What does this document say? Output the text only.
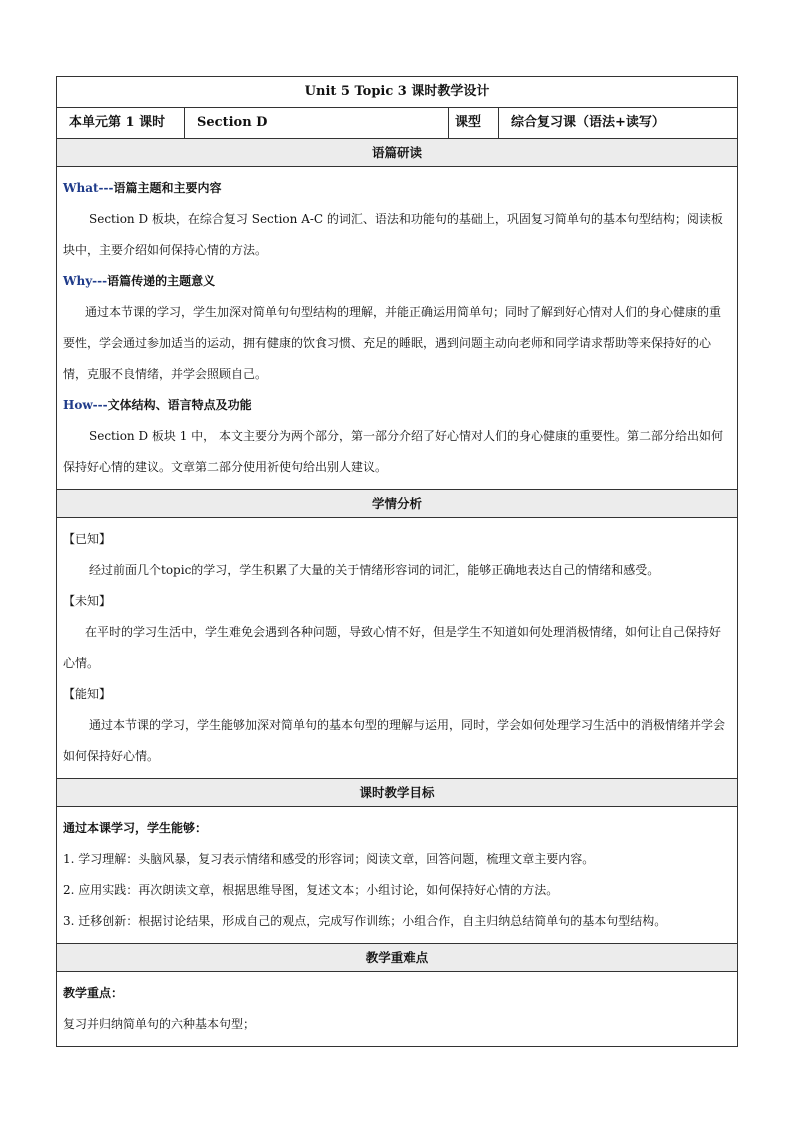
Unit 5 Topic 3 课时教学设计
本单元第 1 课时	Section D	课型	综合复习课（语法+读写）
语篇研读

What---语篇主题和主要内容

Section D 板块，在综合复习 Section A-C 的词汇、语法和功能句的基础上，巩固复习简单句的基本句型结构；阅读板块中，主要介绍如何保持心情的方法。

Why---语篇传递的主题意义

通过本节课的学习，学生加深对简单句句型结构的理解，并能正确运用简单句；同时了解到好心情对人们的身心健康的重要性，学会通过参加适当的运动，拥有健康的饮食习惯、充足的睡眠，遇到问题主动向老师和同学请求帮助等来保持好的心情，克服不良情绪，并学会照顾自己。

How---文体结构、语言特点及功能

Section D 板块 1 中， 本文主要分为两个部分，第一部分介绍了好心情对人们的身心健康的重要性。第二部分给出如何保持好心情的建议。文章第二部分使用祈使句给出别人建议。

学情分析

【已知】

经过前面几个topic的学习，学生积累了大量的关于情绪形容词的词汇，能够正确地表达自己的情绪和感受。

【未知】

在平时的学习生活中，学生难免会遇到各种问题，导致心情不好，但是学生不知道如何处理消极情绪，如何让自己保持好心情。

【能知】

通过本节课的学习，学生能够加深对简单句的基本句型的理解与运用，同时，学会如何处理学习生活中的消极情绪并学会如何保持好心情。

课时教学目标

通过本课学习，学生能够：

1. 学习理解：头脑风暴，复习表示情绪和感受的形容词；阅读文章，回答问题，梳理文章主要内容。

2. 应用实践：再次朗读文章，根据思维导图，复述文本；小组讨论，如何保持好心情的方法。

3. 迁移创新：根据讨论结果，形成自己的观点，完成写作训练；小组合作，自主归纳总结简单句的基本句型结构。

教学重难点

教学重点：

复习并归纳简单句的六种基本句型；
